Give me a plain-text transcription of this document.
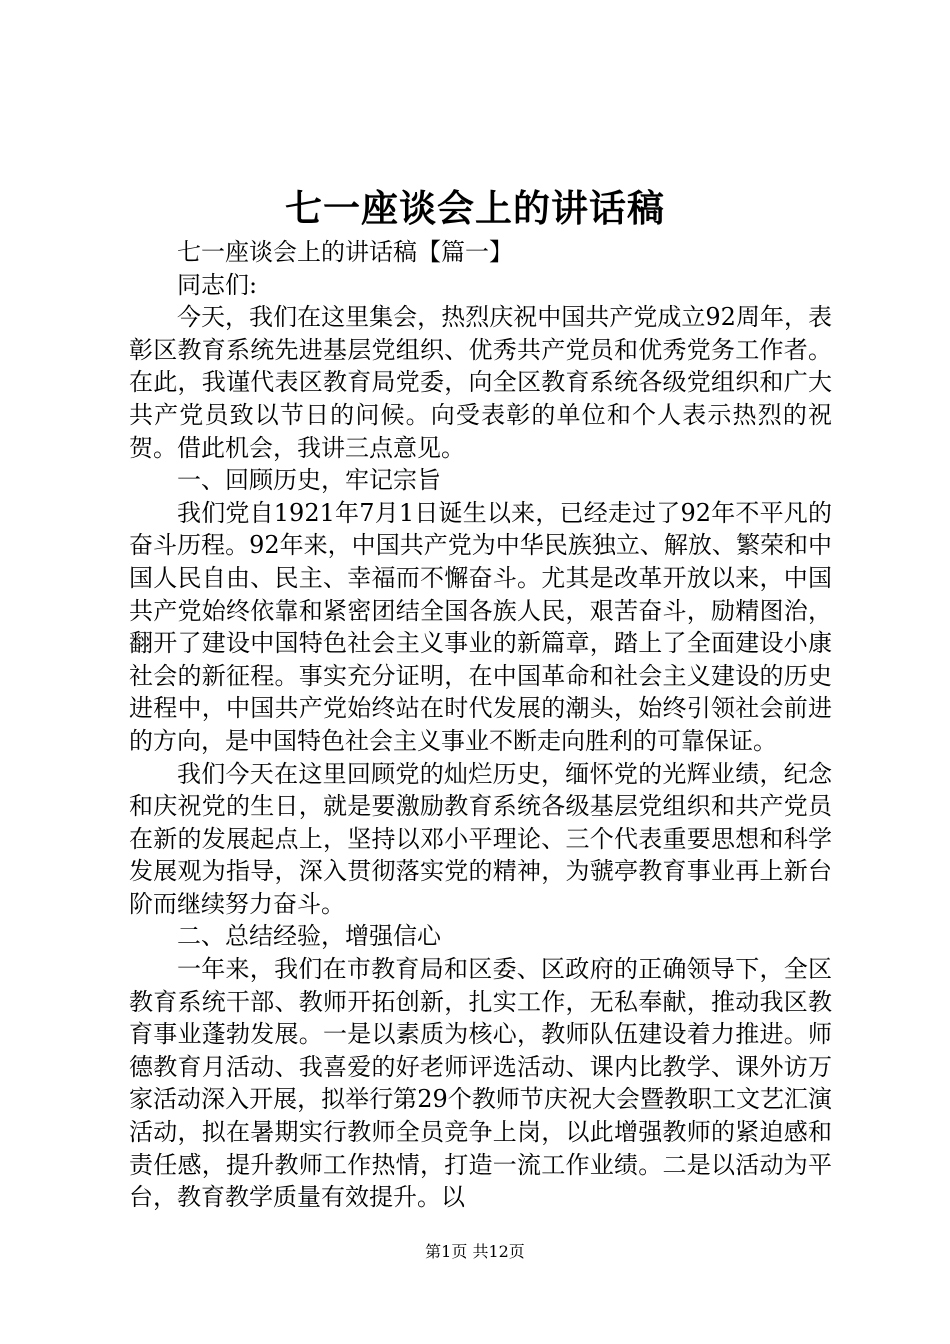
七一座谈会上的讲话稿

七一座谈会上的讲话稿【篇一】

同志们:

今天，我们在这里集会，热烈庆祝中国共产党成立92周年，表彰区教育系统先进基层党组织、优秀共产党员和优秀党务工作者。在此，我谨代表区教育局党委，向全区教育系统各级党组织和广大共产党员致以节日的问候。向受表彰的单位和个人表示热烈的祝贺。借此机会，我讲三点意见。

一、回顾历史，牢记宗旨

我们党自1921年7月1日诞生以来，已经走过了92年不平凡的奋斗历程。92年来，中国共产党为中华民族独立、解放、繁荣和中国人民自由、民主、幸福而不懈奋斗。尤其是改革开放以来，中国共产党始终依靠和紧密团结全国各族人民，艰苦奋斗，励精图治，翻开了建设中国特色社会主义事业的新篇章，踏上了全面建设小康社会的新征程。事实充分证明，在中国革命和社会主义建设的历史进程中，中国共产党始终站在时代发展的潮头，始终引领社会前进的方向，是中国特色社会主义事业不断走向胜利的可靠保证。

我们今天在这里回顾党的灿烂历史，缅怀党的光辉业绩，纪念和庆祝党的生日，就是要激励教育系统各级基层党组织和共产党员在新的发展起点上，坚持以邓小平理论、三个代表重要思想和科学发展观为指导，深入贯彻落实党的精神，为虢亭教育事业再上新台阶而继续努力奋斗。

二、总结经验，增强信心

一年来，我们在市教育局和区委、区政府的正确领导下，全区教育系统干部、教师开拓创新，扎实工作，无私奉献，推动我区教育事业蓬勃发展。一是以素质为核心，教师队伍建设着力推进。师德教育月活动、我喜爱的好老师评选活动、课内比教学、课外访万家活动深入开展，拟举行第29个教师节庆祝大会暨教职工文艺汇演活动，拟在暑期实行教师全员竞争上岗，以此增强教师的紧迫感和责任感，提升教师工作热情，打造一流工作业绩。二是以活动为平台，教育教学质量有效提升。以

第1页 共12页
